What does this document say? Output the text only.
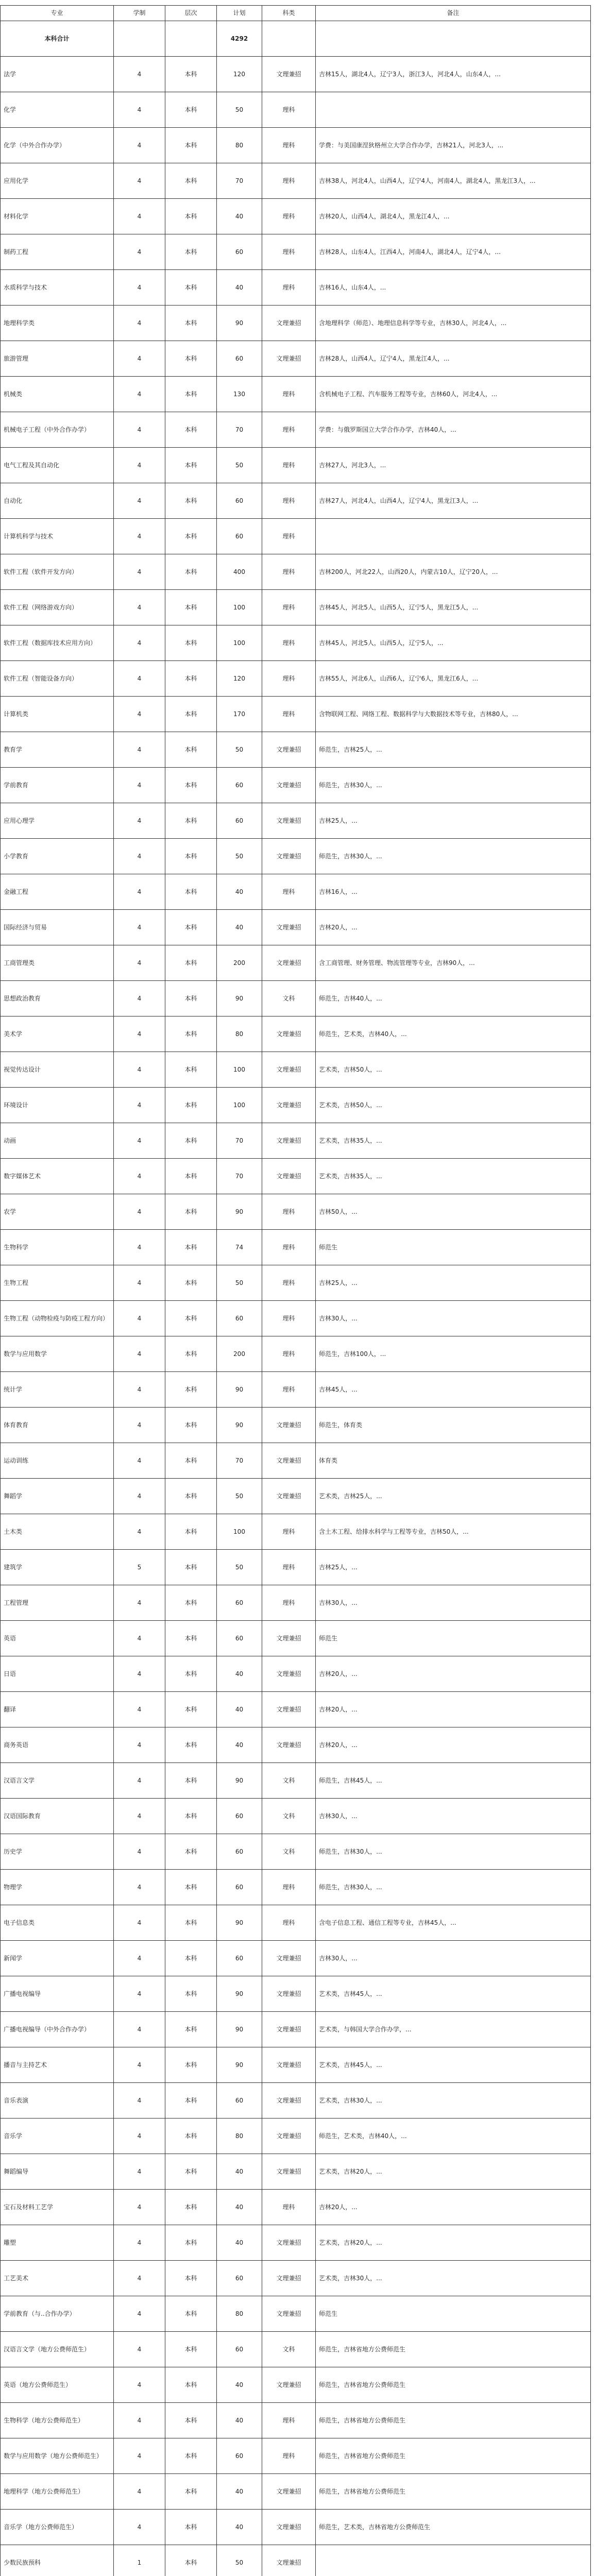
专业	学制	层次	计划	科类	备注
本科合计			4292		
法学	4	本科	120	文理兼招	吉林15人，湖北4人，辽宁3人，浙江3人，河北4人，山东4人，...
化学	4	本科	50	理科	
化学（中外合作办学）	4	本科	80	理科	学费：与美国康涅狄格州立大学合作办学，吉林21人，河北3人，...
应用化学	4	本科	70	理科	吉林38人，河北4人，山西4人，辽宁4人，河南4人，湖北4人，黑龙江3人，...
材料化学	4	本科	40	理科	吉林20人，山西4人，湖北4人，黑龙江4人，...
制药工程	4	本科	60	理科	吉林28人，山东4人，江西4人，河南4人，湖北4人，辽宁4人，...
水质科学与技术	4	本科	40	理科	吉林16人，山东4人，...
地理科学类	4	本科	90	文理兼招	含地理科学（师范）、地理信息科学等专业，吉林30人，河北4人，...
旅游管理	4	本科	60	文理兼招	吉林28人，山西4人，辽宁4人，黑龙江4人，...
机械类	4	本科	130	理科	含机械电子工程、汽车服务工程等专业，吉林60人，河北4人，...
机械电子工程（中外合作办学）	4	本科	70	理科	学费：与俄罗斯国立大学合作办学，吉林40人，...
电气工程及其自动化	4	本科	50	理科	吉林27人，河北3人，...
自动化	4	本科	60	理科	吉林27人，河北4人，山西4人，辽宁4人，黑龙江3人，...
计算机科学与技术	4	本科	60	理科	
软件工程（软件开发方向）	4	本科	400	理科	吉林200人，河北22人，山西20人，内蒙古10人，辽宁20人，...
软件工程（网络游戏方向）	4	本科	100	理科	吉林45人，河北5人，山西5人，辽宁5人，黑龙江5人，...
软件工程（数据库技术应用方向）	4	本科	100	理科	吉林45人，河北5人，山西5人，辽宁5人，...
软件工程（智能设备方向）	4	本科	120	理科	吉林55人，河北6人，山西6人，辽宁6人，黑龙江6人，...
计算机类	4	本科	170	理科	含物联网工程、网络工程、数据科学与大数据技术等专业，吉林80人，...
教育学	4	本科	50	文理兼招	师范生，吉林25人，...
学前教育	4	本科	60	文理兼招	师范生，吉林30人，...
应用心理学	4	本科	60	文理兼招	吉林25人，...
小学教育	4	本科	50	文理兼招	师范生，吉林30人，...
金融工程	4	本科	40	理科	吉林16人，...
国际经济与贸易	4	本科	40	文理兼招	吉林20人，...
工商管理类	4	本科	200	文理兼招	含工商管理、财务管理、物流管理等专业，吉林90人，...
思想政治教育	4	本科	90	文科	师范生，吉林40人，...
美术学	4	本科	80	文理兼招	师范生，艺术类，吉林40人，...
视觉传达设计	4	本科	100	文理兼招	艺术类，吉林50人，...
环境设计	4	本科	100	文理兼招	艺术类，吉林50人，...
动画	4	本科	70	文理兼招	艺术类，吉林35人，...
数字媒体艺术	4	本科	70	文理兼招	艺术类，吉林35人，...
农学	4	本科	90	理科	吉林50人，...
生物科学	4	本科	74	理科	师范生
生物工程	4	本科	50	理科	吉林25人，...
生物工程（动物检疫与防疫工程方向）	4	本科	60	理科	吉林30人，...
数学与应用数学	4	本科	200	理科	师范生，吉林100人，...
统计学	4	本科	90	理科	吉林45人，...
体育教育	4	本科	90	文理兼招	师范生，体育类
运动训练	4	本科	70	文理兼招	体育类
舞蹈学	4	本科	50	文理兼招	艺术类，吉林25人，...
土木类	4	本科	100	理科	含土木工程、给排水科学与工程等专业，吉林50人，...
建筑学	5	本科	50	理科	吉林25人，...
工程管理	4	本科	60	理科	吉林30人，...
英语	4	本科	60	文理兼招	师范生
日语	4	本科	40	文理兼招	吉林20人，...
翻译	4	本科	40	文理兼招	吉林20人，...
商务英语	4	本科	40	文理兼招	吉林20人，...
汉语言文学	4	本科	90	文科	师范生，吉林45人，...
汉语国际教育	4	本科	60	文科	吉林30人，...
历史学	4	本科	60	文科	师范生，吉林30人，...
物理学	4	本科	60	理科	师范生，吉林30人，...
电子信息类	4	本科	90	理科	含电子信息工程、通信工程等专业，吉林45人，...
新闻学	4	本科	60	文理兼招	吉林30人，...
广播电视编导	4	本科	90	文理兼招	艺术类，吉林45人，...
广播电视编导（中外合作办学）	4	本科	90	文理兼招	艺术类，与韩国大学合作办学，...
播音与主持艺术	4	本科	90	文理兼招	艺术类，吉林45人，...
音乐表演	4	本科	60	文理兼招	艺术类，吉林30人，...
音乐学	4	本科	80	文理兼招	师范生，艺术类，吉林40人，...
舞蹈编导	4	本科	40	文理兼招	艺术类，吉林20人，...
宝石及材料工艺学	4	本科	40	理科	吉林20人，...
雕塑	4	本科	40	文理兼招	艺术类，吉林20人，...
工艺美术	4	本科	60	文理兼招	艺术类，吉林30人，...
学前教育（与..合作办学）	4	本科	80	文理兼招	师范生
汉语言文学（地方公费师范生）	4	本科	60	文科	师范生，吉林省地方公费师范生
英语（地方公费师范生）	4	本科	40	文理兼招	师范生，吉林省地方公费师范生
生物科学（地方公费师范生）	4	本科	40	理科	师范生，吉林省地方公费师范生
数学与应用数学（地方公费师范生）	4	本科	60	理科	师范生，吉林省地方公费师范生
地理科学（地方公费师范生）	4	本科	40	文理兼招	师范生，吉林省地方公费师范生
音乐学（地方公费师范生）	4	本科	40	文理兼招	师范生，艺术类，吉林省地方公费师范生
少数民族预科	1	本科	50	文理兼招	
